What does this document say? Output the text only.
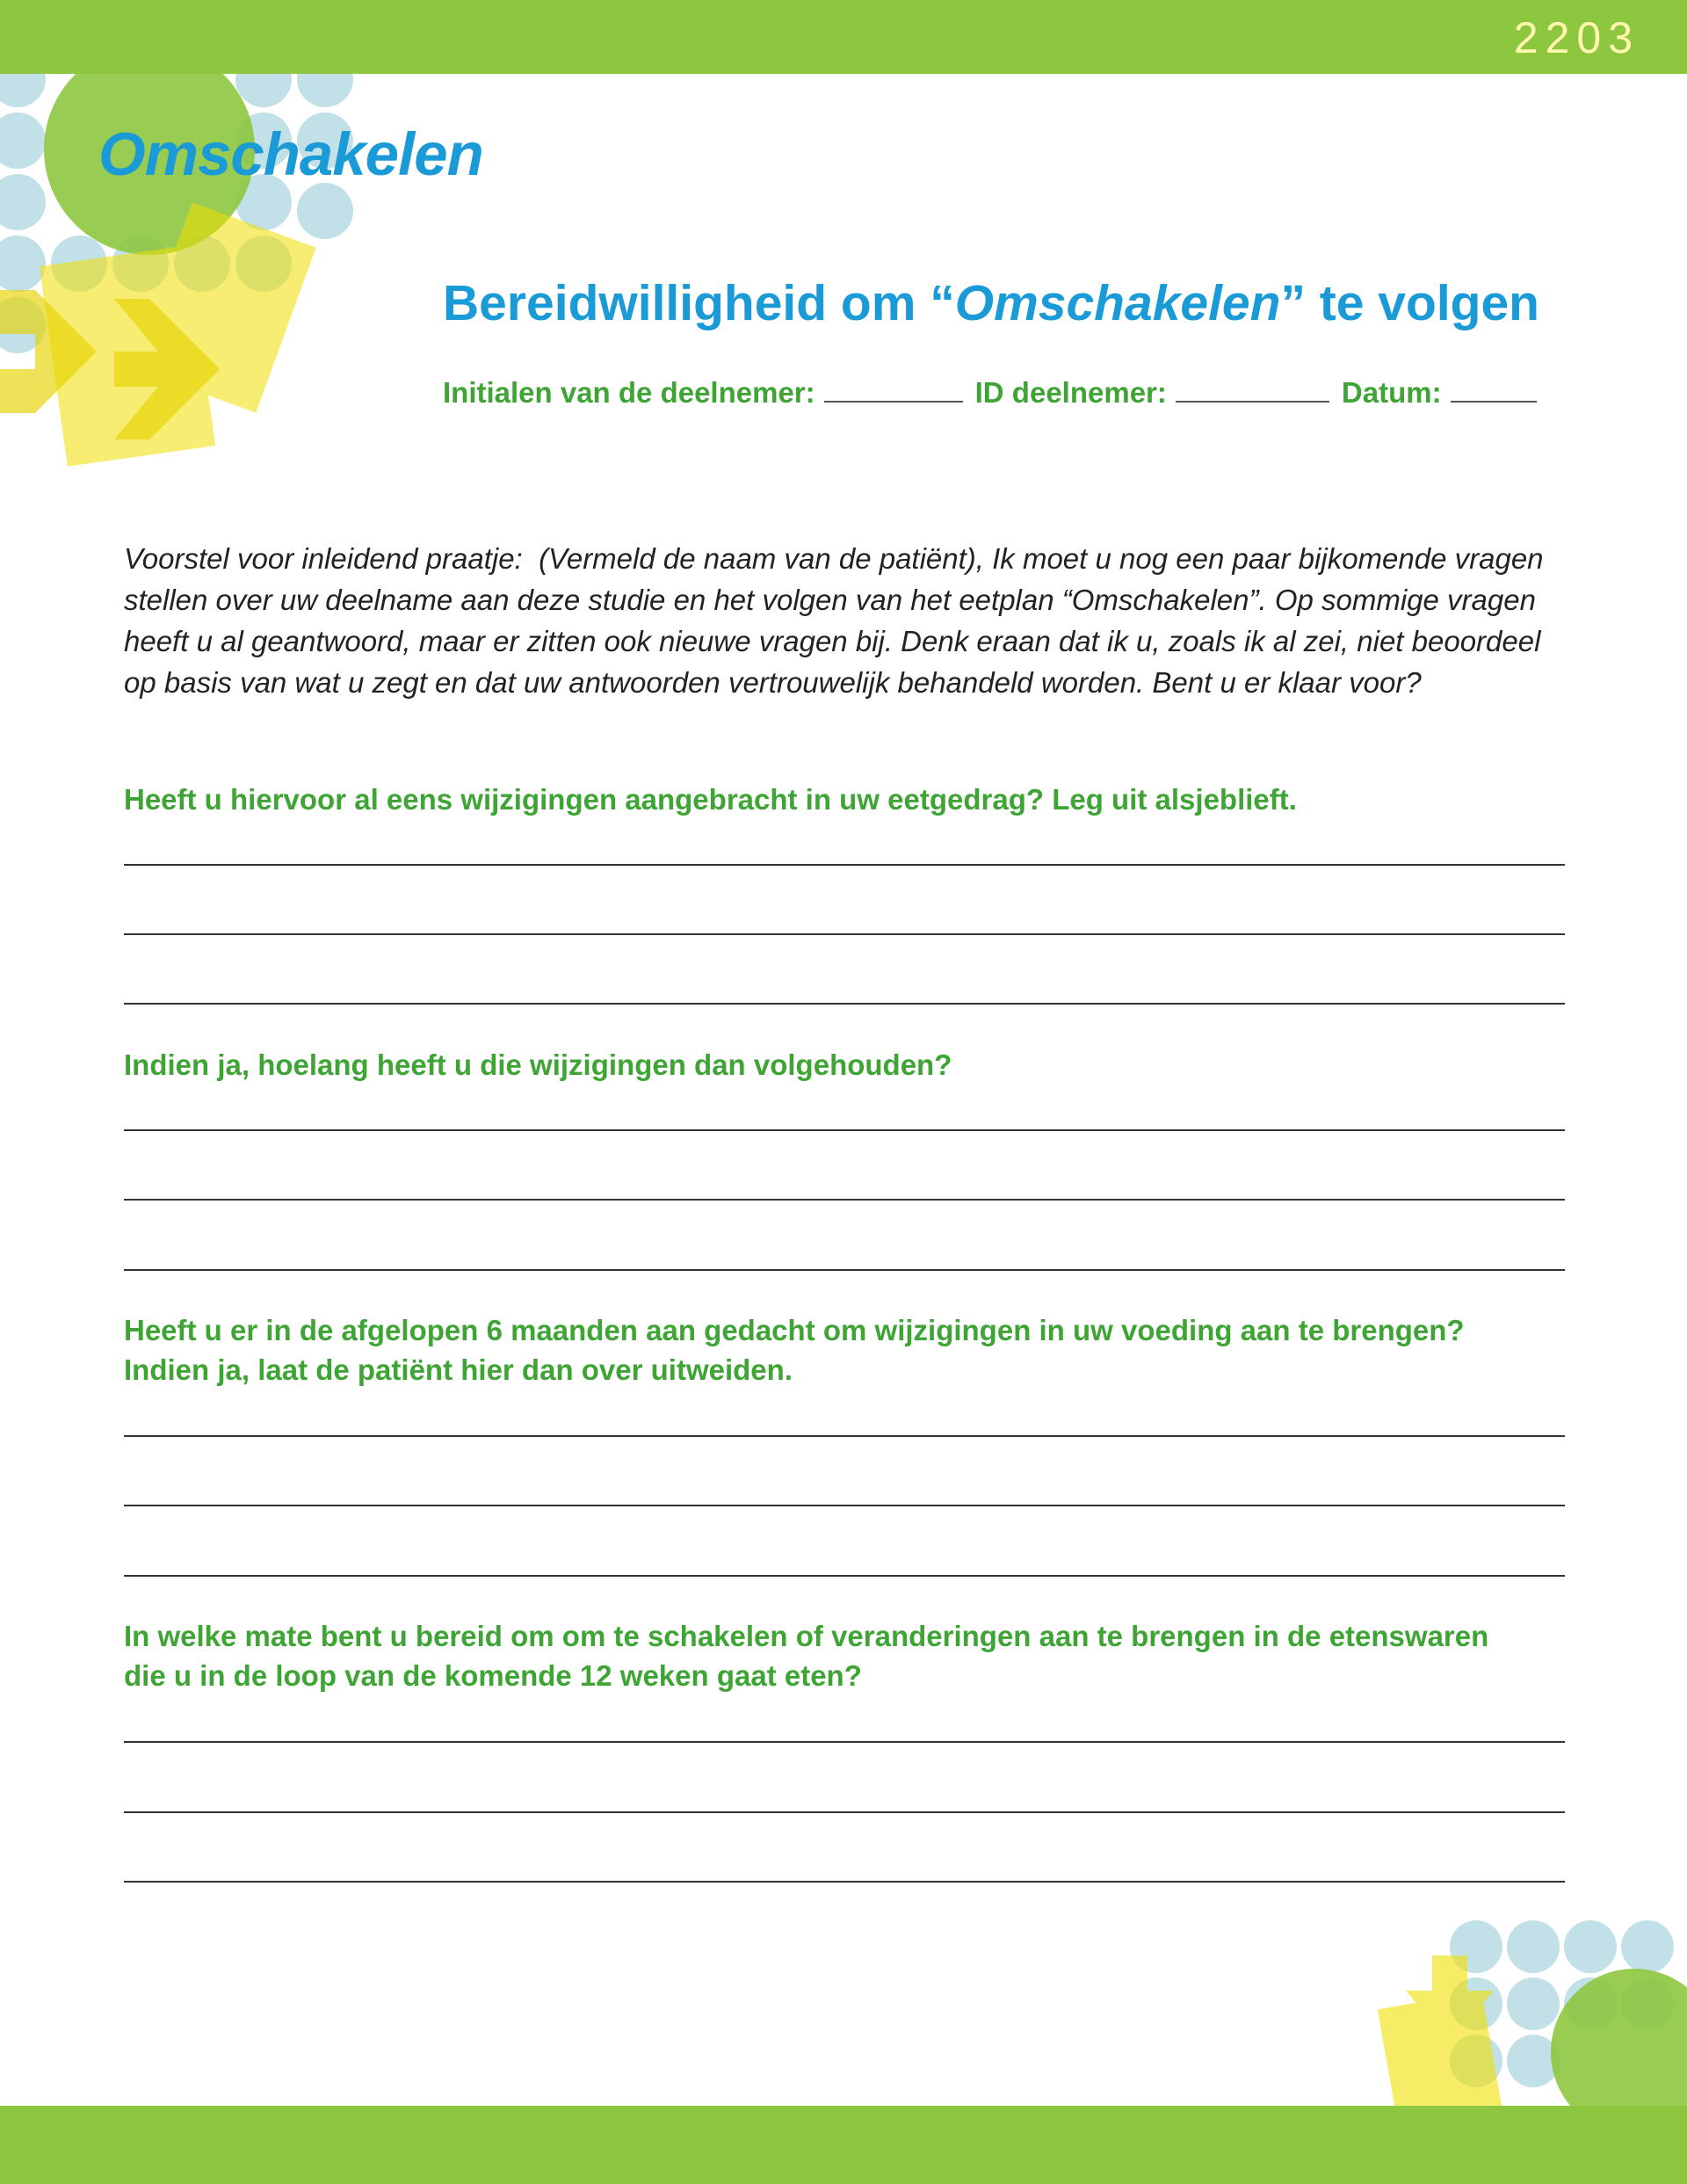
2203
Omschakelen
Bereidwilligheid om “Omschakelen” te volgen
Initialen van de deelnemer:	ID deelnemer:	Datum:

Voorstel voor inleidend praatje: (Vermeld de naam van de patiënt), Ik moet u nog een paar bijkomende vragen stellen over uw deelname aan deze studie en het volgen van het eetplan “Omschakelen”. Op sommige vragen heeft u al geantwoord, maar er zitten ook nieuwe vragen bij. Denk eraan dat ik u, zoals ik al zei, niet beoordeel op basis van wat u zegt en dat uw antwoorden vertrouwelijk behandeld worden. Bent u er klaar voor?

Heeft u hiervoor al eens wijzigingen aangebracht in uw eetgedrag? Leg uit alsjeblieft.

Indien ja, hoelang heeft u die wijzigingen dan volgehouden?

Heeft u er in de afgelopen 6 maanden aan gedacht om wijzigingen in uw voeding aan te brengen?
Indien ja, laat de patiënt hier dan over uitweiden.

In welke mate bent u bereid om om te schakelen of veranderingen aan te brengen in de etenswaren
die u in de loop van de komende 12 weken gaat eten?
